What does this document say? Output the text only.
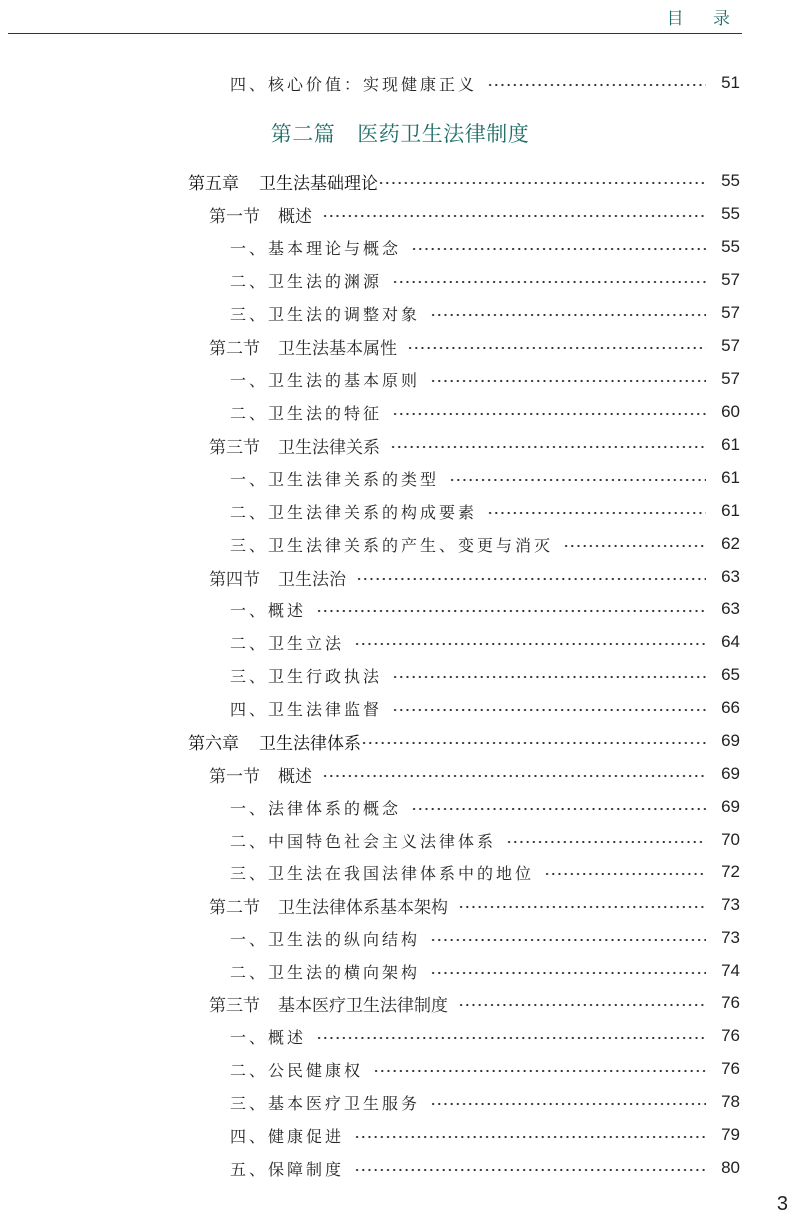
目 录
四、核心价值：实现健康正义	51
第二篇 医药卫生法律制度
第五章 卫生法基础理论	55
第一节 概述	55
一、基本理论与概念	55
二、卫生法的渊源	57
三、卫生法的调整对象	57
第二节 卫生法基本属性	57
一、卫生法的基本原则	57
二、卫生法的特征	60
第三节 卫生法律关系	61
一、卫生法律关系的类型	61
二、卫生法律关系的构成要素	61
三、卫生法律关系的产生、变更与消灭	62
第四节 卫生法治	63
一、概述	63
二、卫生立法	64
三、卫生行政执法	65
四、卫生法律监督	66
第六章 卫生法律体系	69
第一节 概述	69
一、法律体系的概念	69
二、中国特色社会主义法律体系	70
三、卫生法在我国法律体系中的地位	72
第二节 卫生法律体系基本架构	73
一、卫生法的纵向结构	73
二、卫生法的横向架构	74
第三节 基本医疗卫生法律制度	76
一、概述	76
二、公民健康权	76
三、基本医疗卫生服务	78
四、健康促进	79
五、保障制度	80
3
